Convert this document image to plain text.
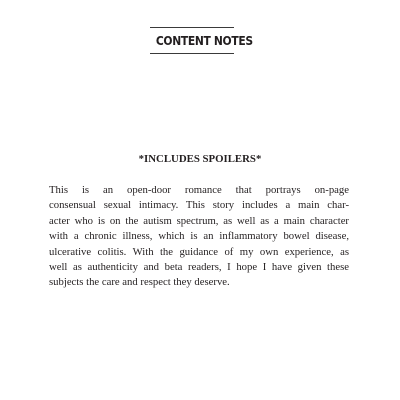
CONTENT NOTES
*INCLUDES SPOILERS*
This is an open-door romance that portrays on-page
consensual sexual intimacy. This story includes a main char-
acter who is on the autism spectrum, as well as a main character
with a chronic illness, which is an inflammatory bowel disease,
ulcerative colitis. With the guidance of my own experience, as
well as authenticity and beta readers, I hope I have given these
subjects the care and respect they deserve.
